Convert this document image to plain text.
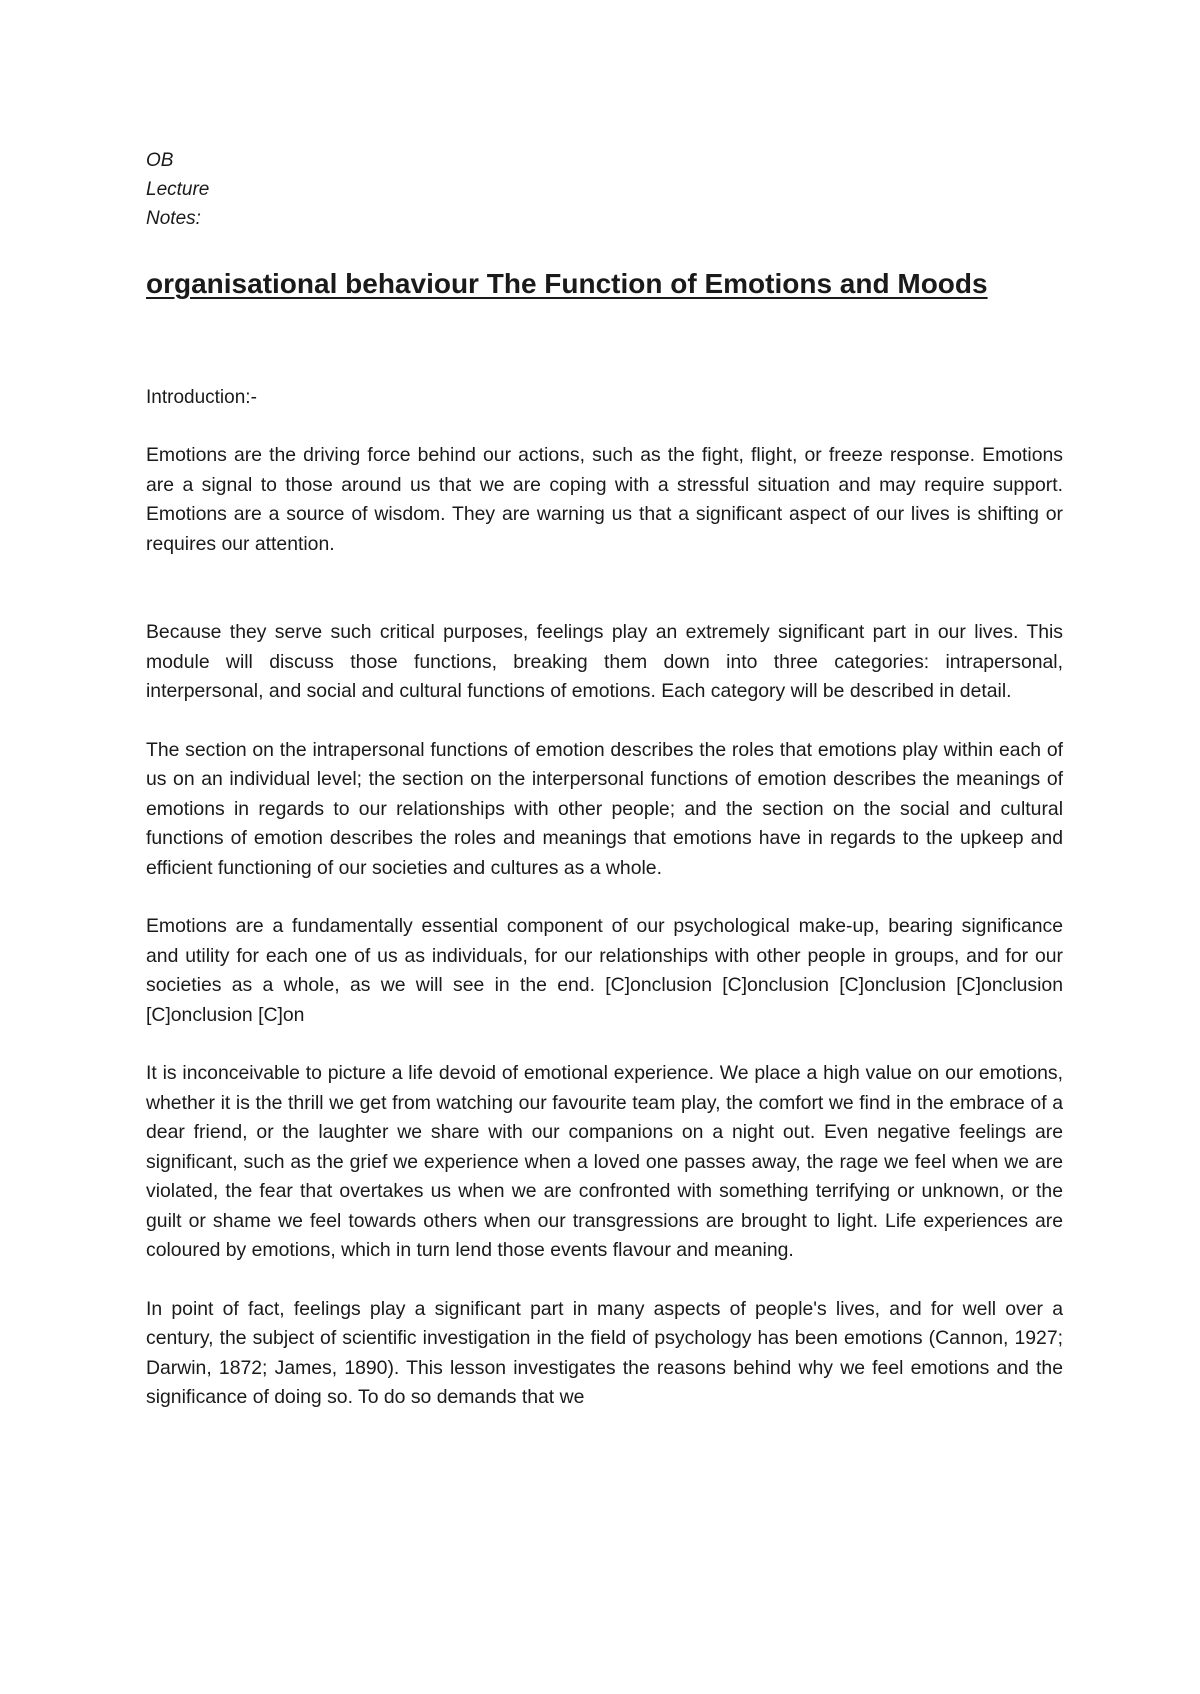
OB
Lecture
Notes:
organisational behaviour The Function of Emotions and Moods
Introduction:-

Emotions are the driving force behind our actions, such as the fight, flight, or freeze response. Emotions are a signal to those around us that we are coping with a stressful situation and may require support. Emotions are a source of wisdom. They are warning us that a significant aspect of our lives is shifting or requires our attention.

Because they serve such critical purposes, feelings play an extremely significant part in our lives. This module will discuss those functions, breaking them down into three categories: intrapersonal, interpersonal, and social and cultural functions of emotions. Each category will be described in detail.

The section on the intrapersonal functions of emotion describes the roles that emotions play within each of us on an individual level; the section on the interpersonal functions of emotion describes the meanings of emotions in regards to our relationships with other people; and the section on the social and cultural functions of emotion describes the roles and meanings that emotions have in regards to the upkeep and efficient functioning of our societies and cultures as a whole.

Emotions are a fundamentally essential component of our psychological make-up, bearing significance and utility for each one of us as individuals, for our relationships with other people in groups, and for our societies as a whole, as we will see in the end. [C]onclusion [C]onclusion [C]onclusion [C]onclusion [C]onclusion [C]on

It is inconceivable to picture a life devoid of emotional experience. We place a high value on our emotions, whether it is the thrill we get from watching our favourite team play, the comfort we find in the embrace of a dear friend, or the laughter we share with our companions on a night out. Even negative feelings are significant, such as the grief we experience when a loved one passes away, the rage we feel when we are violated, the fear that overtakes us when we are confronted with something terrifying or unknown, or the guilt or shame we feel towards others when our transgressions are brought to light. Life experiences are coloured by emotions, which in turn lend those events flavour and meaning.

In point of fact, feelings play a significant part in many aspects of people's lives, and for well over a century, the subject of scientific investigation in the field of psychology has been emotions (Cannon, 1927; Darwin, 1872; James, 1890). This lesson investigates the reasons behind why we feel emotions and the significance of doing so. To do so demands that we
